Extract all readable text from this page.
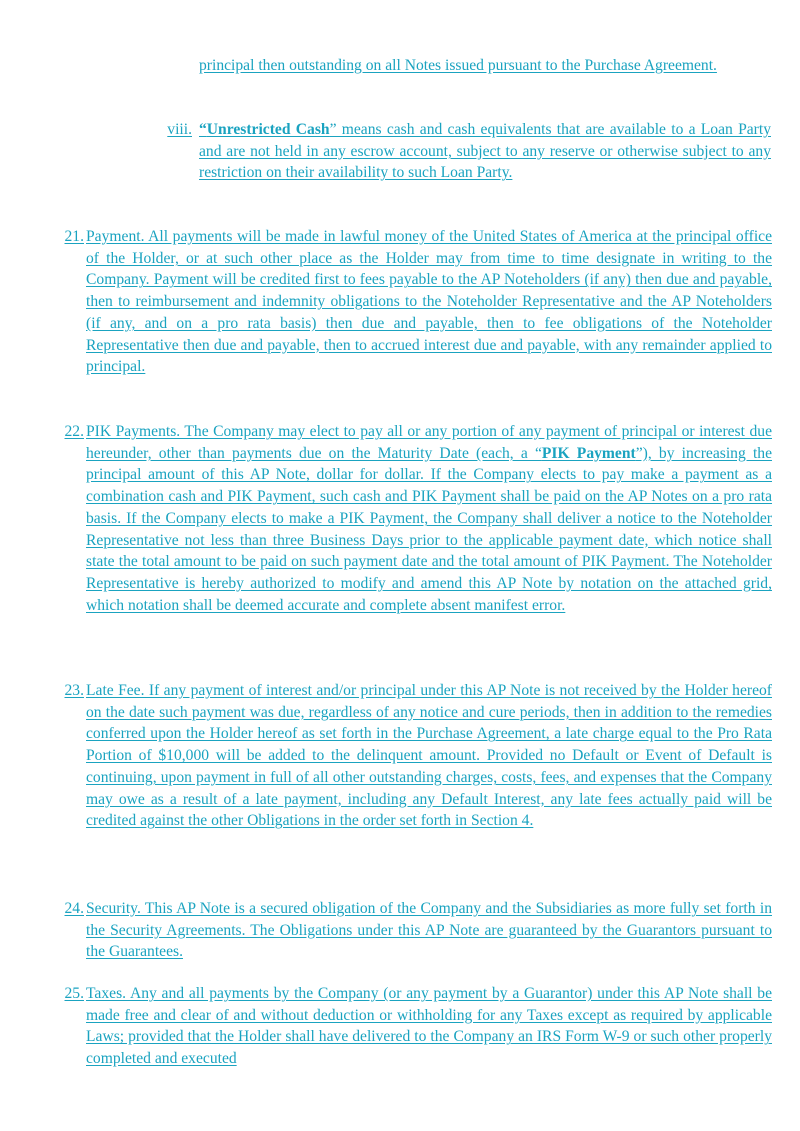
principal then outstanding on all Notes issued pursuant to the Purchase Agreement.

viii. “Unrestricted Cash” means cash and cash equivalents that are available to a Loan Party and are not held in any escrow account, subject to any reserve or otherwise subject to any restriction on their availability to such Loan Party.

21. Payment. All payments will be made in lawful money of the United States of America at the principal office of the Holder, or at such other place as the Holder may from time to time designate in writing to the Company. Payment will be credited first to fees payable to the AP Noteholders (if any) then due and payable, then to reimbursement and indemnity obligations to the Noteholder Representative and the AP Noteholders (if any, and on a pro rata basis) then due and payable, then to fee obligations of the Noteholder Representative then due and payable, then to accrued interest due and payable, with any remainder applied to principal.

22. PIK Payments. The Company may elect to pay all or any portion of any payment of principal or interest due hereunder, other than payments due on the Maturity Date (each, a “PIK Payment”), by increasing the principal amount of this AP Note, dollar for dollar. If the Company elects to pay make a payment as a combination cash and PIK Payment, such cash and PIK Payment shall be paid on the AP Notes on a pro rata basis. If the Company elects to make a PIK Payment, the Company shall deliver a notice to the Noteholder Representative not less than three Business Days prior to the applicable payment date, which notice shall state the total amount to be paid on such payment date and the total amount of PIK Payment. The Noteholder Representative is hereby authorized to modify and amend this AP Note by notation on the attached grid, which notation shall be deemed accurate and complete absent manifest error.

23. Late Fee. If any payment of interest and/or principal under this AP Note is not received by the Holder hereof on the date such payment was due, regardless of any notice and cure periods, then in addition to the remedies conferred upon the Holder hereof as set forth in the Purchase Agreement, a late charge equal to the Pro Rata Portion of $10,000 will be added to the delinquent amount. Provided no Default or Event of Default is continuing, upon payment in full of all other outstanding charges, costs, fees, and expenses that the Company may owe as a result of a late payment, including any Default Interest, any late fees actually paid will be credited against the other Obligations in the order set forth in Section 4.

24. Security. This AP Note is a secured obligation of the Company and the Subsidiaries as more fully set forth in the Security Agreements. The Obligations under this AP Note are guaranteed by the Guarantors pursuant to the Guarantees.

25. Taxes. Any and all payments by the Company (or any payment by a Guarantor) under this AP Note shall be made free and clear of and without deduction or withholding for any Taxes except as required by applicable Laws; provided that the Holder shall have delivered to the Company an IRS Form W-9 or such other properly completed and executed
